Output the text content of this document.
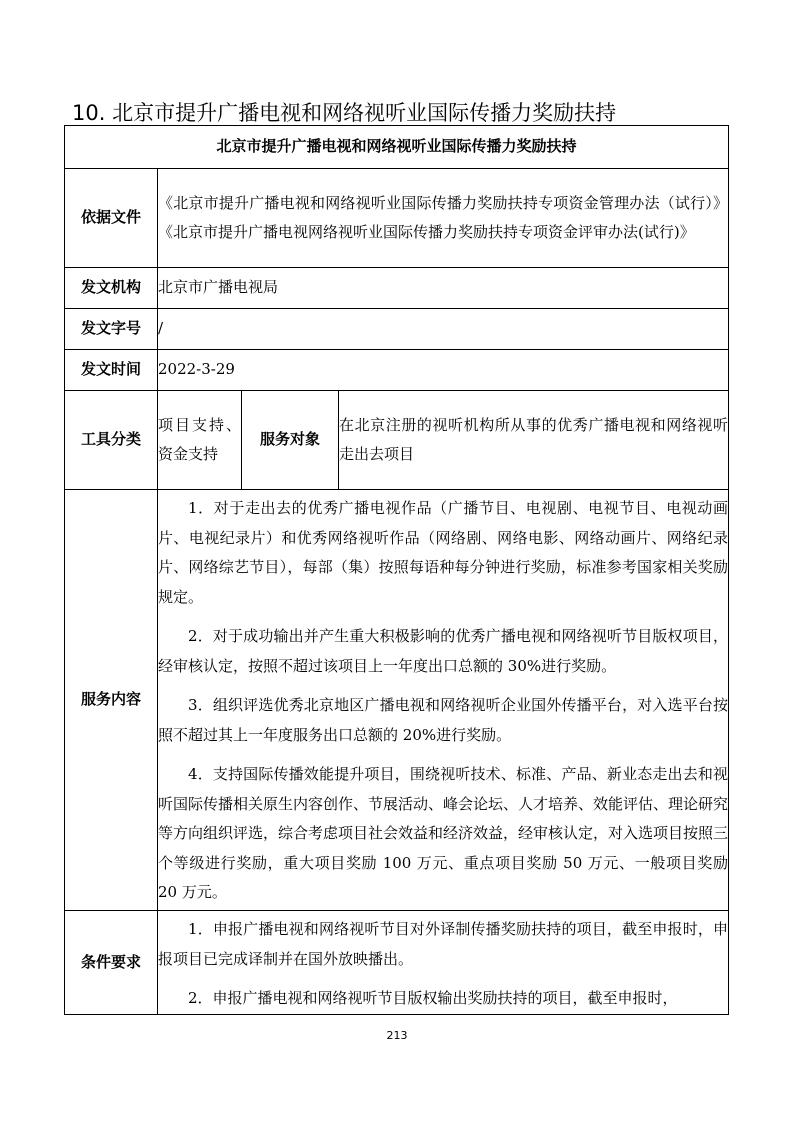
10. 北京市提升广播电视和网络视听业国际传播力奖励扶持
北京市提升广播电视和网络视听业国际传播力奖励扶持			
依据文件	《北京市提升广播电视和网络视听业国际传播力奖励扶持专项资金管理办法（试行）》《北京市提升广播电视网络视听业国际传播力奖励扶持专项资金评审办法(试行)》		
发文机构	北京市广播电视局		
发文字号	/		
发文时间	2022-3-29		
工具分类	项目支持、资金支持	服务对象	在北京注册的视听机构所从事的优秀广播电视和网络视听走出去项目
服务内容	1．对于走出去的优秀广播电视作品（广播节目、电视剧、电视节目、电视动画片、电视纪录片）和优秀网络视听作品（网络剧、网络电影、网络动画片、网络纪录片、网络综艺节目），每部（集）按照每语种每分钟进行奖励，标准参考国家相关奖励规定。

2．对于成功输出并产生重大积极影响的优秀广播电视和网络视听节目版权项目，经审核认定，按照不超过该项目上一年度出口总额的 30%进行奖励。

3．组织评选优秀北京地区广播电视和网络视听企业国外传播平台，对入选平台按照不超过其上一年度服务出口总额的 20%进行奖励。

4．支持国际传播效能提升项目，围绕视听技术、标准、产品、新业态走出去和视听国际传播相关原生内容创作、节展活动、峰会论坛、人才培养、效能评估、理论研究等方向组织评选，综合考虑项目社会效益和经济效益，经审核认定，对入选项目按照三个等级进行奖励，重大项目奖励 100 万元、重点项目奖励 50 万元、一般项目奖励 20 万元。		

条件要求	1．申报广播电视和网络视听节目对外译制传播奖励扶持的项目，截至申报时，申报项目已完成译制并在国外放映播出。

2．申报广播电视和网络视听节目版权输出奖励扶持的项目，截至申报时，		

213
